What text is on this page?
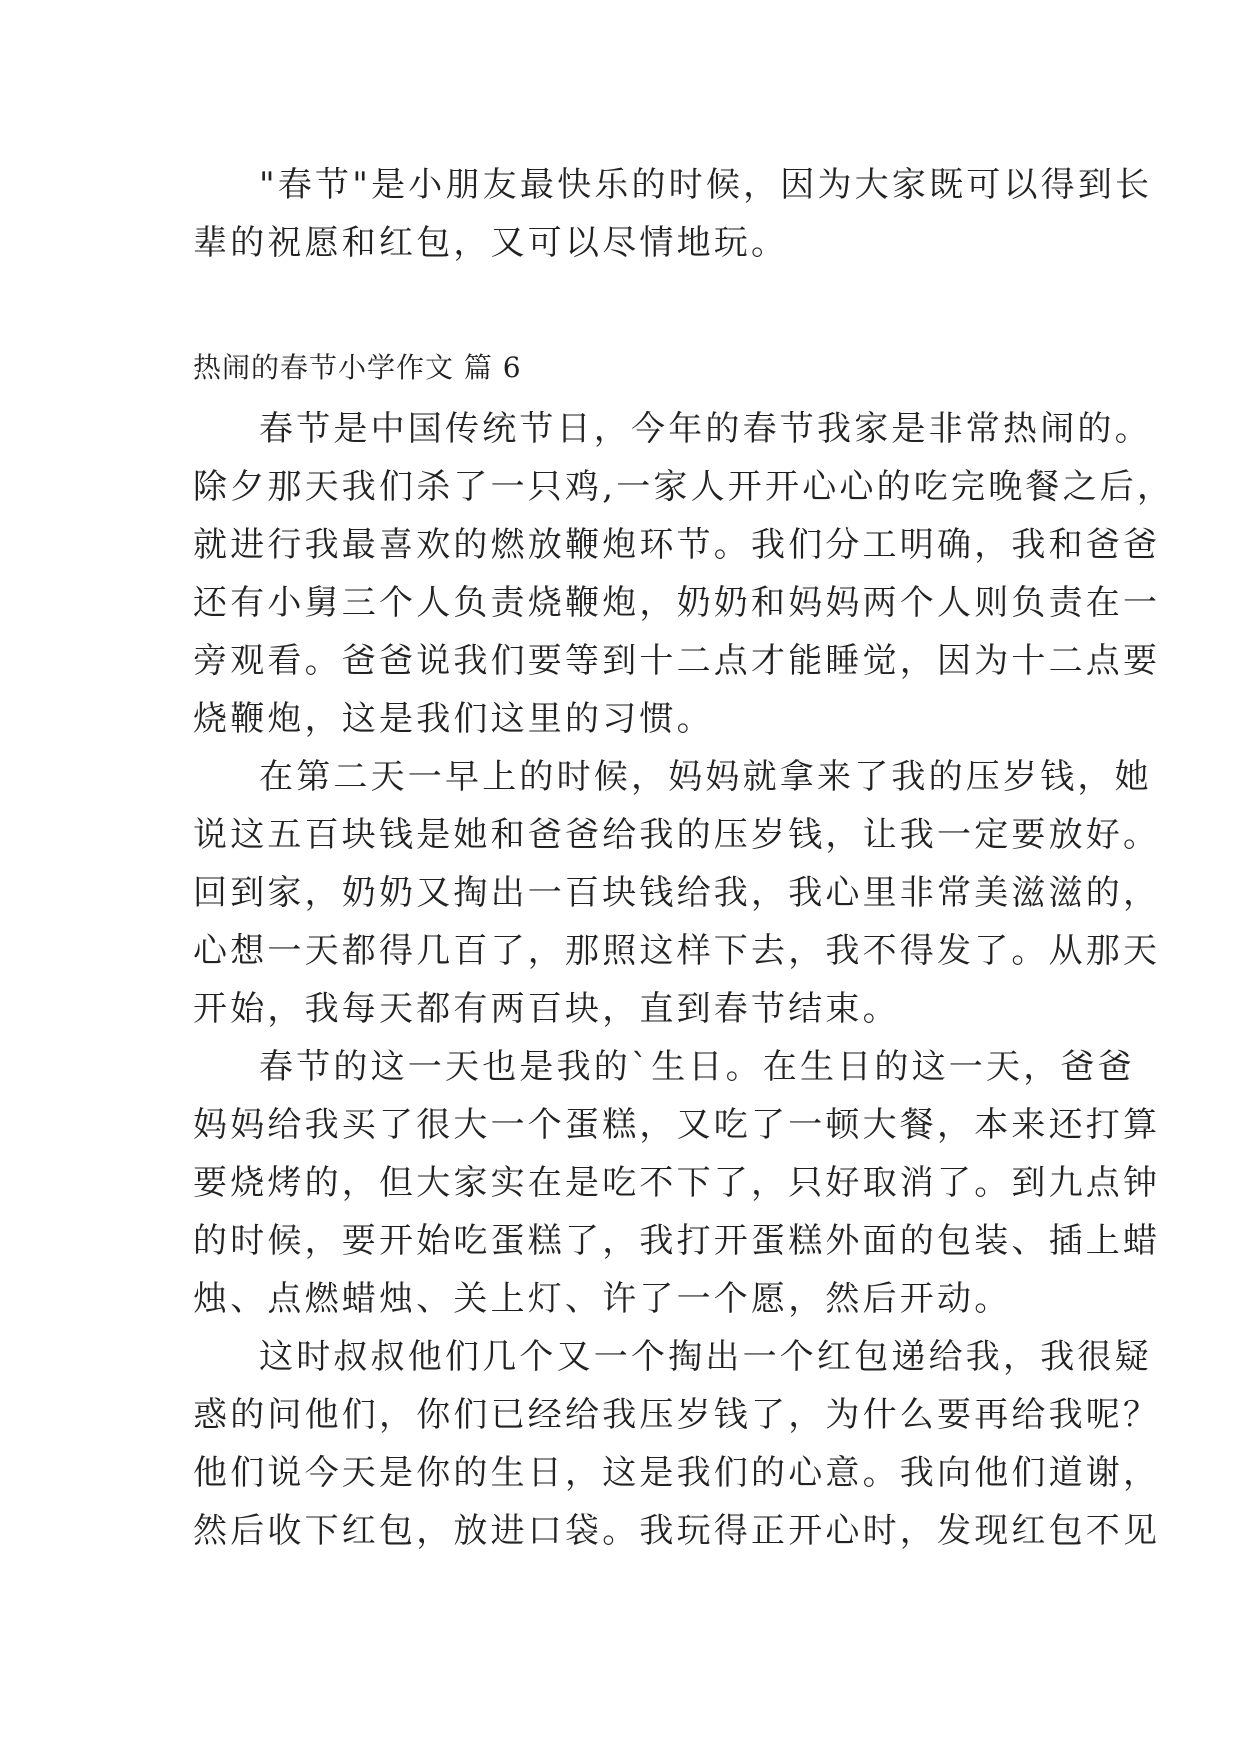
"春节"是小朋友最快乐的时候，因为大家既可以得到长
辈的祝愿和红包，又可以尽情地玩。
热闹的春节小学作文 篇 6
春节是中国传统节日，今年的春节我家是非常热闹的。
除夕那天我们杀了一只鸡,一家人开开心心的吃完晚餐之后，
就进行我最喜欢的燃放鞭炮环节。我们分工明确，我和爸爸
还有小舅三个人负责烧鞭炮，奶奶和妈妈两个人则负责在一
旁观看。爸爸说我们要等到十二点才能睡觉，因为十二点要
烧鞭炮，这是我们这里的习惯。
在第二天一早上的时候，妈妈就拿来了我的压岁钱，她
说这五百块钱是她和爸爸给我的压岁钱，让我一定要放好。
回到家，奶奶又掏出一百块钱给我，我心里非常美滋滋的，
心想一天都得几百了，那照这样下去，我不得发了。从那天
开始，我每天都有两百块，直到春节结束。
春节的这一天也是我的`生日。在生日的这一天，爸爸
妈妈给我买了很大一个蛋糕，又吃了一顿大餐，本来还打算
要烧烤的，但大家实在是吃不下了，只好取消了。到九点钟
的时候，要开始吃蛋糕了，我打开蛋糕外面的包装、插上蜡
烛、点燃蜡烛、关上灯、许了一个愿，然后开动。
这时叔叔他们几个又一个掏出一个红包递给我，我很疑
惑的问他们，你们已经给我压岁钱了，为什么要再给我呢？
他们说今天是你的生日，这是我们的心意。我向他们道谢，
然后收下红包，放进口袋。我玩得正开心时，发现红包不见
